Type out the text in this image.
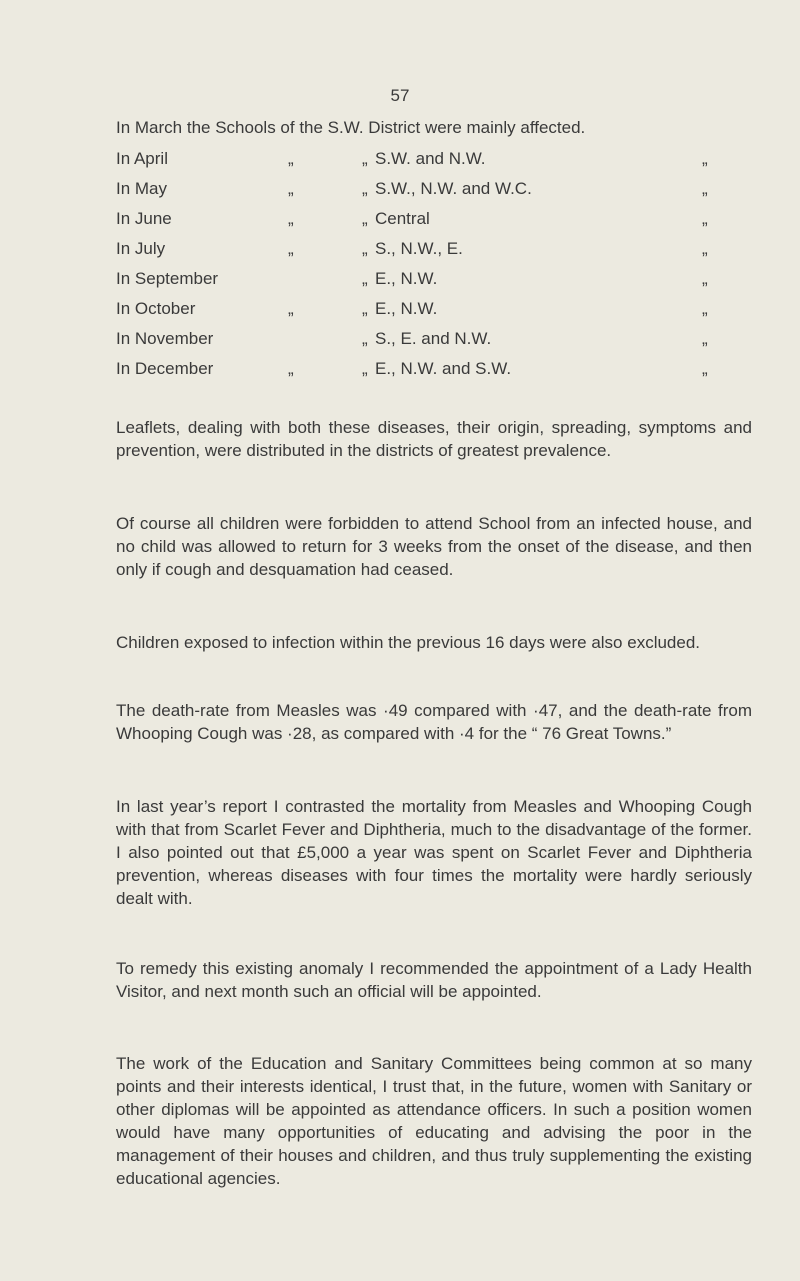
57
In March the Schools of the S.W. District were mainly affected.
In April	„	„ S.W. and N.W.	„
In May	„	„ S.W., N.W. and W.C.	„
In June	„	„ Central	„
In July	„	„ S., N.W., E.	„
In September	„ E., N.W.	„
In October	„	„ E., N.W.	„
In November	„ S., E. and N.W.	„
In December	„	„ E., N.W. and S.W.	„

Leaflets, dealing with both these diseases, their origin, spreading, symptoms and prevention, were distributed in the districts of greatest prevalence.

Of course all children were forbidden to attend School from an infected house, and no child was allowed to return for 3 weeks from the onset of the disease, and then only if cough and desquamation had ceased.

Children exposed to infection within the previous 16 days were also excluded.

The death-rate from Measles was ·49 compared with ·47, and the death-rate from Whooping Cough was ·28, as compared with ·4 for the “ 76 Great Towns.”

In last year’s report I contrasted the mortality from Measles and Whooping Cough with that from Scarlet Fever and Diphtheria, much to the disadvantage of the former. I also pointed out that £5,000 a year was spent on Scarlet Fever and Diphtheria prevention, whereas diseases with four times the mortality were hardly seriously dealt with.

To remedy this existing anomaly I recommended the appointment of a Lady Health Visitor, and next month such an official will be appointed.

The work of the Education and Sanitary Committees being common at so many points and their interests identical, I trust that, in the future, women with Sanitary or other diplomas will be appointed as attendance officers. In such a position women would have many opportunities of educating and advising the poor in the management of their houses and children, and thus truly supplementing the existing educational agencies.
